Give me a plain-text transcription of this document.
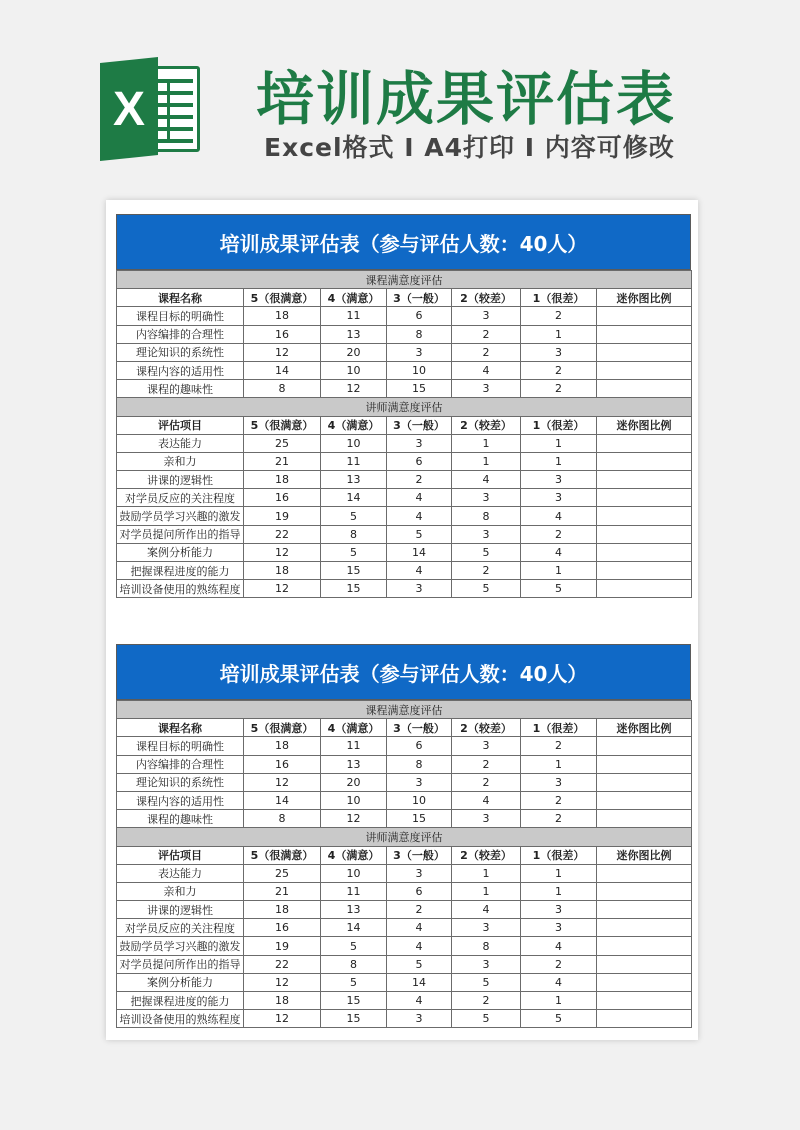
X 培训成果评估表
Excel格式 I A4打印 I 内容可修改
培训成果评估表（参与评估人数：40人）
课程满意度评估						
课程名称	5（很满意）	4（满意）	3（一般）	2（较差）	1（很差）	迷你图比例
课程目标的明确性	18	11	6	3	2	
内容编排的合理性	16	13	8	2	1	
理论知识的系统性	12	20	3	2	3	
课程内容的适用性	14	10	10	4	2	
课程的趣味性	8	12	15	3	2	
讲师满意度评估						
评估项目	5（很满意）	4（满意）	3（一般）	2（较差）	1（很差）	迷你图比例
表达能力	25	10	3	1	1	
亲和力	21	11	6	1	1	
讲课的逻辑性	18	13	2	4	3	
对学员反应的关注程度	16	14	4	3	3	
鼓励学员学习兴趣的激发	19	5	4	8	4	
对学员提问所作出的指导	22	8	5	3	2	
案例分析能力	12	5	14	5	4	
把握课程进度的能力	18	15	4	2	1	
培训设备使用的熟练程度	12	15	3	5	5	
培训成果评估表（参与评估人数：40人）
课程满意度评估						
课程名称	5（很满意）	4（满意）	3（一般）	2（较差）	1（很差）	迷你图比例
课程目标的明确性	18	11	6	3	2	
内容编排的合理性	16	13	8	2	1	
理论知识的系统性	12	20	3	2	3	
课程内容的适用性	14	10	10	4	2	
课程的趣味性	8	12	15	3	2	
讲师满意度评估						
评估项目	5（很满意）	4（满意）	3（一般）	2（较差）	1（很差）	迷你图比例
表达能力	25	10	3	1	1	
亲和力	21	11	6	1	1	
讲课的逻辑性	18	13	2	4	3	
对学员反应的关注程度	16	14	4	3	3	
鼓励学员学习兴趣的激发	19	5	4	8	4	
对学员提问所作出的指导	22	8	5	3	2	
案例分析能力	12	5	14	5	4	
把握课程进度的能力	18	15	4	2	1	
培训设备使用的熟练程度	12	15	3	5	5	
